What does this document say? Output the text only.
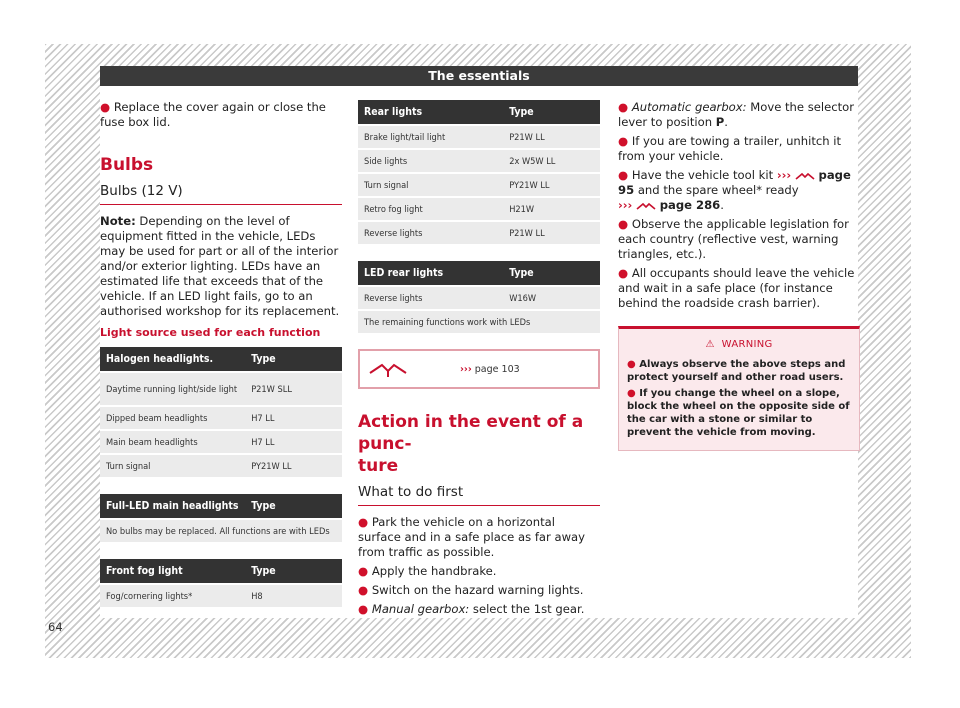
The essentials
64

● Replace the cover again or close the fuse box lid.

Bulbs
Bulbs (12 V)

Note: Depending on the level of equipment fitted in the vehicle, LEDs may be used for part or all of the interior and/or exterior lighting. LEDs have an estimated life that exceeds that of the vehicle. If an LED light fails, go to an authorised workshop for its replacement.

Light source used for each function
Halogen headlights.	Type
Daytime running light/side light	P21W SLL
Dipped beam headlights	H7 LL
Main beam headlights	H7 LL
Turn signal	PY21W LL
Full-LED main headlights	Type
No bulbs may be replaced. All functions are with LEDs
Front fog light	Type
Fog/cornering lights*	H8
Rear lights	Type
Brake light/tail light	P21W LL
Side lights	2x W5W LL
Turn signal	PY21W LL
Retro fog light	H21W
Reverse lights	P21W LL
LED rear lights	Type
Reverse lights	W16W
The remaining functions work with LEDs	
››› page 103
Action in the event of a punc-
ture
What to do first

● Park the vehicle on a horizontal surface and in a safe place as far away from traffic as possible.

● Apply the handbrake.

● Switch on the hazard warning lights.

● Manual gearbox: select the 1st gear.

● Automatic gearbox: Move the selector lever to position P.

● If you are towing a trailer, unhitch it from your vehicle.

● Have the vehicle tool kit ››› page 95 and the spare wheel* ready
››› page 286.

● Observe the applicable legislation for each country (reflective vest, warning triangles, etc.).

● All occupants should leave the vehicle and wait in a safe place (for instance behind the roadside crash barrier).

⚠ WARNING

● Always observe the above steps and protect yourself and other road users.

● If you change the wheel on a slope, block the wheel on the opposite side of the car with a stone or similar to prevent the vehicle from moving.
